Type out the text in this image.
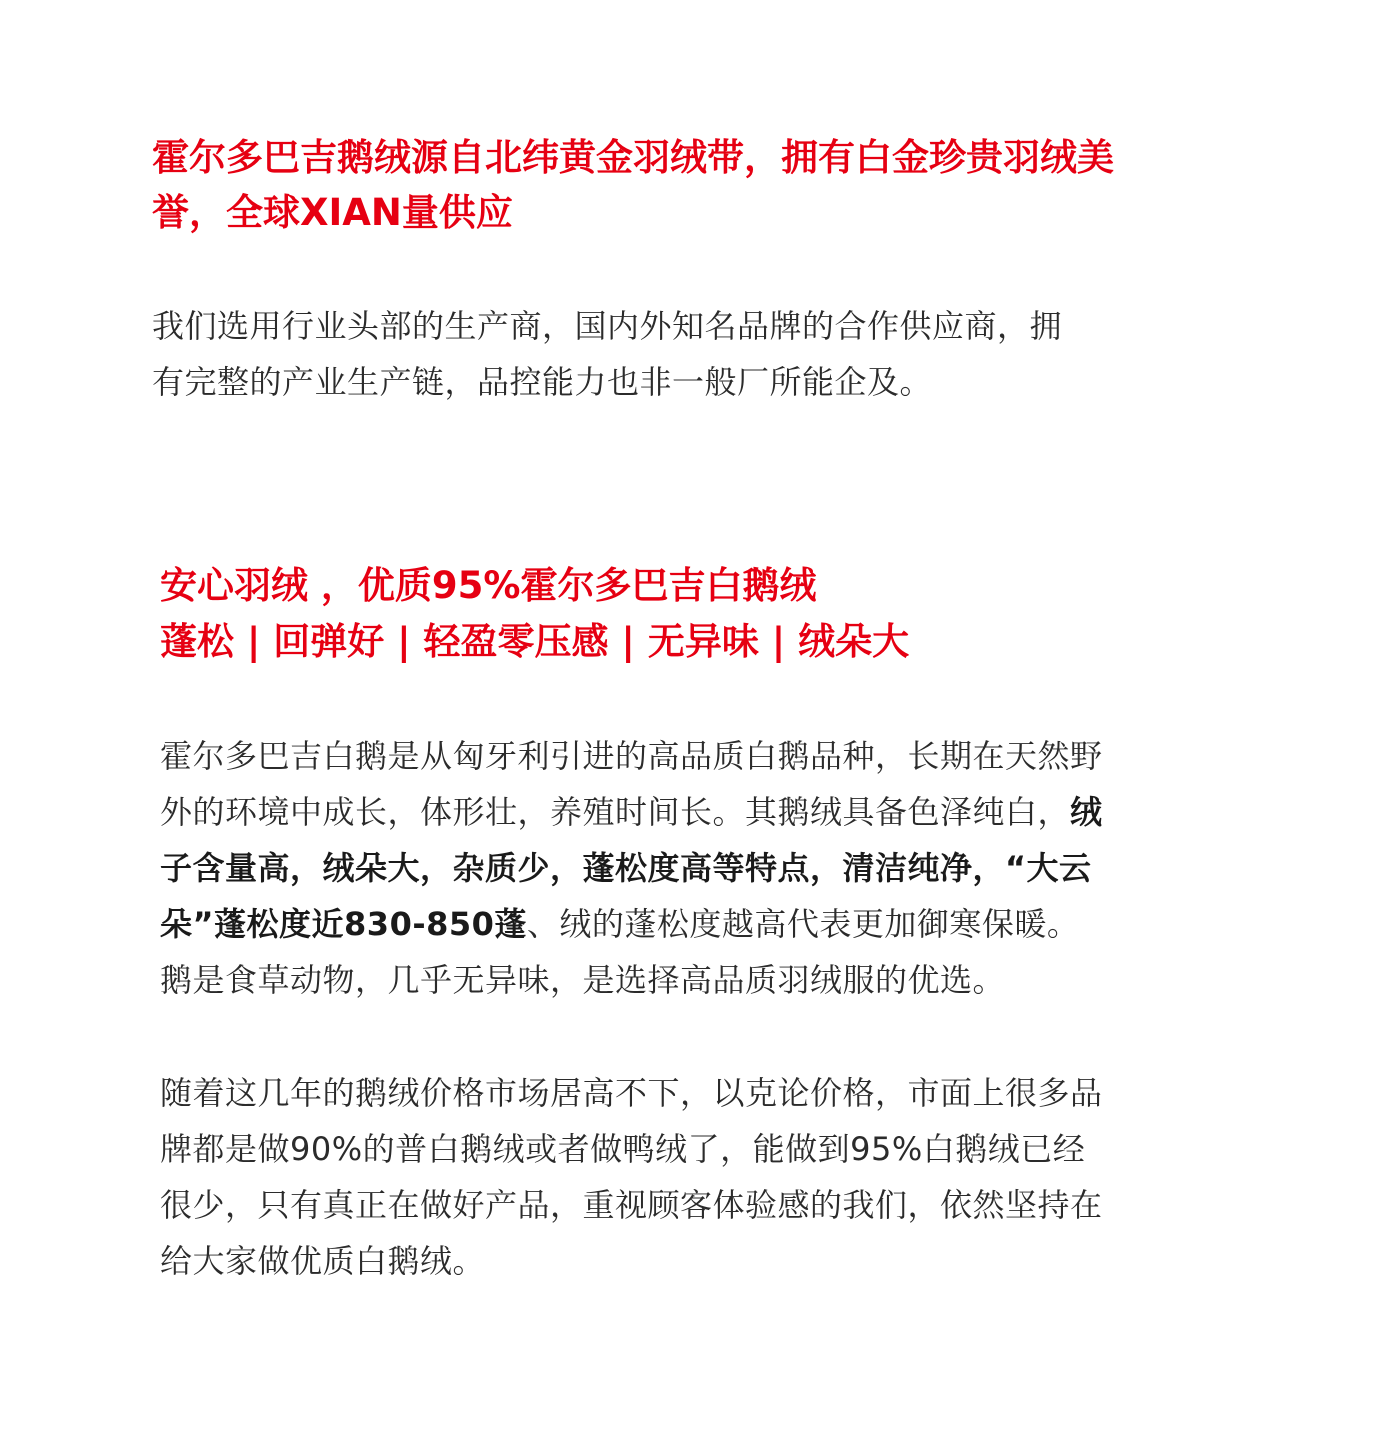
霍尔多巴吉鹅绒源自北纬黄金羽绒带，拥有白金珍贵羽绒美
誉，全球XIAN量供应

我们选用行业头部的生产商，国内外知名品牌的合作供应商，拥
有完整的产业生产链，品控能力也非一般厂所能企及。

安心羽绒 ，优质95%霍尔多巴吉白鹅绒
蓬松 | 回弹好 | 轻盈零压感 | 无异味 | 绒朵大

霍尔多巴吉白鹅是从匈牙利引进的高品质白鹅品种，长期在天然野
外的环境中成长，体形壮，养殖时间长。其鹅绒具备色泽纯白，绒
子含量高，绒朵大，杂质少，蓬松度高等特点，清洁纯净，“大云
朵”蓬松度近830-850蓬、绒的蓬松度越高代表更加御寒保暖。
鹅是食草动物，几乎无异味，是选择高品质羽绒服的优选。

随着这几年的鹅绒价格市场居高不下，以克论价格，市面上很多品
牌都是做90%的普白鹅绒或者做鸭绒了，能做到95%白鹅绒已经
很少，只有真正在做好产品，重视顾客体验感的我们，依然坚持在
给大家做优质白鹅绒。
